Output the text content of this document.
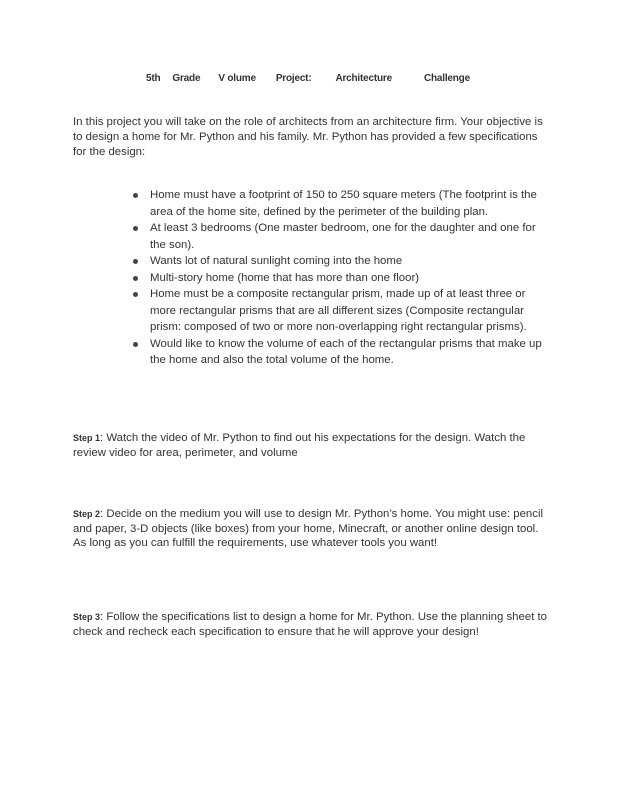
5th Grade V olume Project: Architecture	Challenge

In this project you will take on the role of architects from an architecture firm. Your objective is to design a home for Mr. Python and his family. Mr. Python has provided a few specifications for the design:

Home must have a footprint of 150 to 250 square meters (The footprint is the area of the home site, defined by the perimeter of the building plan.
At least 3 bedrooms (One master bedroom, one for the daughter and one for the son).
Wants lot of natural sunlight coming into the home
Multi-story home (home that has more than one floor)
Home must be a composite rectangular prism, made up of at least three or more rectangular prisms that are all different sizes (Composite rectangular prism: composed of two or more non-overlapping right rectangular prisms).
Would like to know the volume of each of the rectangular prisms that make up the home and also the total volume of the home.

Step 1: Watch the video of Mr. Python to find out his expectations for the design. Watch the review video for area, perimeter, and volume

Step 2: Decide on the medium you will use to design Mr. Python’s home. You might use: pencil and paper, 3-D objects (like boxes) from your home, Minecraft, or another online design tool. As long as you can fulfill the requirements, use whatever tools you want!

Step 3: Follow the specifications list to design a home for Mr. Python. Use the planning sheet to check and recheck each specification to ensure that he will approve your design!
